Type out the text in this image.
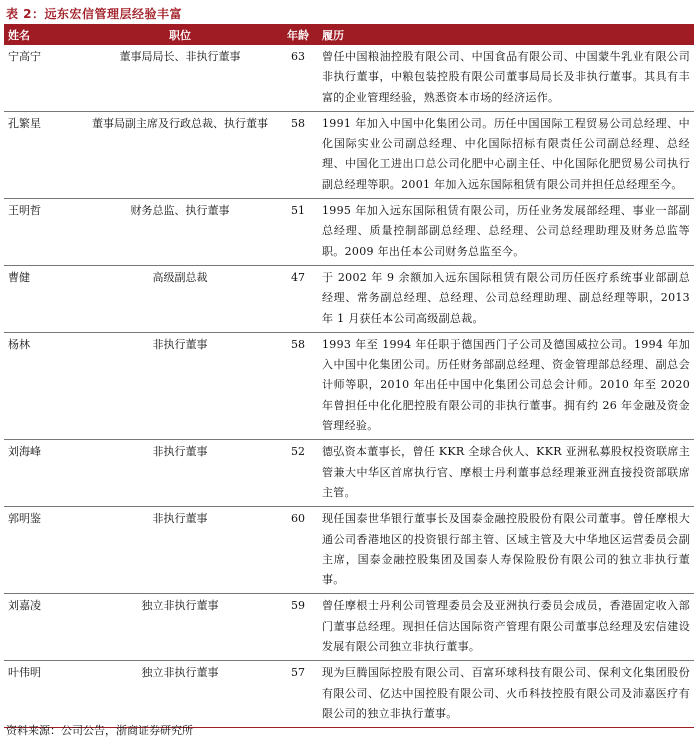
表 2：远东宏信管理层经验丰富
姓名	职位	年龄	履历
宁高宁	董事局局长、非执行董事	63	曾任中国粮油控股有限公司、中国食品有限公司、中国蒙牛乳业有限公司非执行董事，中粮包装控股有限公司董事局局长及非执行董事。其具有丰富的企业管理经验，熟悉资本市场的经济运作。
孔繁星	董事局副主席及行政总裁、执行董事	58	1991 年加入中国中化集团公司。历任中国国际工程贸易公司总经理、中化国际实业公司副总经理、中化国际招标有限责任公司副总经理、总经理、中国化工进出口总公司化肥中心副主任、中化国际化肥贸易公司执行副总经理等职。2001 年加入远东国际租赁有限公司并担任总经理至今。
王明哲	财务总监、执行董事	51	1995 年加入远东国际租赁有限公司，历任业务发展部经理、事业一部副总经理、质量控制部副总经理、总经理、公司总经理助理及财务总监等职。2009 年出任本公司财务总监至今。
曹健	高级副总裁	47	于 2002 年 9 余额加入远东国际租赁有限公司历任医疗系统事业部副总经理、常务副总经理、总经理、公司总经理助理、副总经理等职，2013 年 1 月获任本公司高级副总裁。
杨林	非执行董事	58	1993 年至 1994 年任职于德国西门子公司及德国威拉公司。1994 年加入中国中化集团公司。历任财务部副总经理、资金管理部总经理、副总会计师等职，2010 年出任中国中化集团公司总会计师。2010 年至 2020 年曾担任中化化肥控股有限公司的非执行董事。拥有约 26 年金融及资金管理经验。
刘海峰	非执行董事	52	德弘资本董事长，曾任 KKR 全球合伙人、KKR 亚洲私募股权投资联席主管兼大中华区首席执行官、摩根士丹利董事总经理兼亚洲直接投资部联席主管。
郭明鉴	非执行董事	60	现任国泰世华银行董事长及国泰金融控股股份有限公司董事。曾任摩根大通公司香港地区的投资银行部主管、区域主管及大中华地区运营委员会副主席，国泰金融控股集团及国泰人寿保险股份有限公司的独立非执行董事。
刘嘉凌	独立非执行董事	59	曾任摩根士丹利公司管理委员会及亚洲执行委员会成员，香港固定收入部门董事总经理。现担任信达国际资产管理有限公司董事总经理及宏信建设发展有限公司独立非执行董事。
叶伟明	独立非执行董事	57	现为巨腾国际控股有限公司、百富环球科技有限公司、保利文化集团股份有限公司、亿达中国控股有限公司、火币科技控股有限公司及沛嘉医疗有限公司的独立非执行董事。
资料来源：公司公告，浙商证券研究所
